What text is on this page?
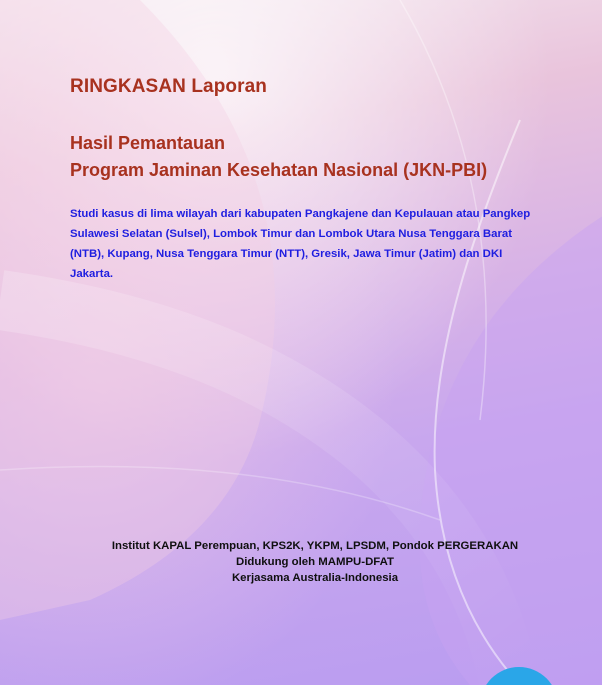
RINGKASAN Laporan
Hasil Pemantauan
Program Jaminan Kesehatan Nasional (JKN-PBI)

Studi kasus di lima wilayah dari kabupaten Pangkajene dan Kepulauan atau Pangkep Sulawesi Selatan (Sulsel), Lombok Timur dan Lombok Utara Nusa Tenggara Barat (NTB), Kupang, Nusa Tenggara Timur (NTT), Gresik, Jawa Timur (Jatim) dan DKI Jakarta.

Institut KAPAL Perempuan, KPS2K, YKPM, LPSDM, Pondok PERGERAKAN
Didukung oleh MAMPU-DFAT
Kerjasama Australia-Indonesia
